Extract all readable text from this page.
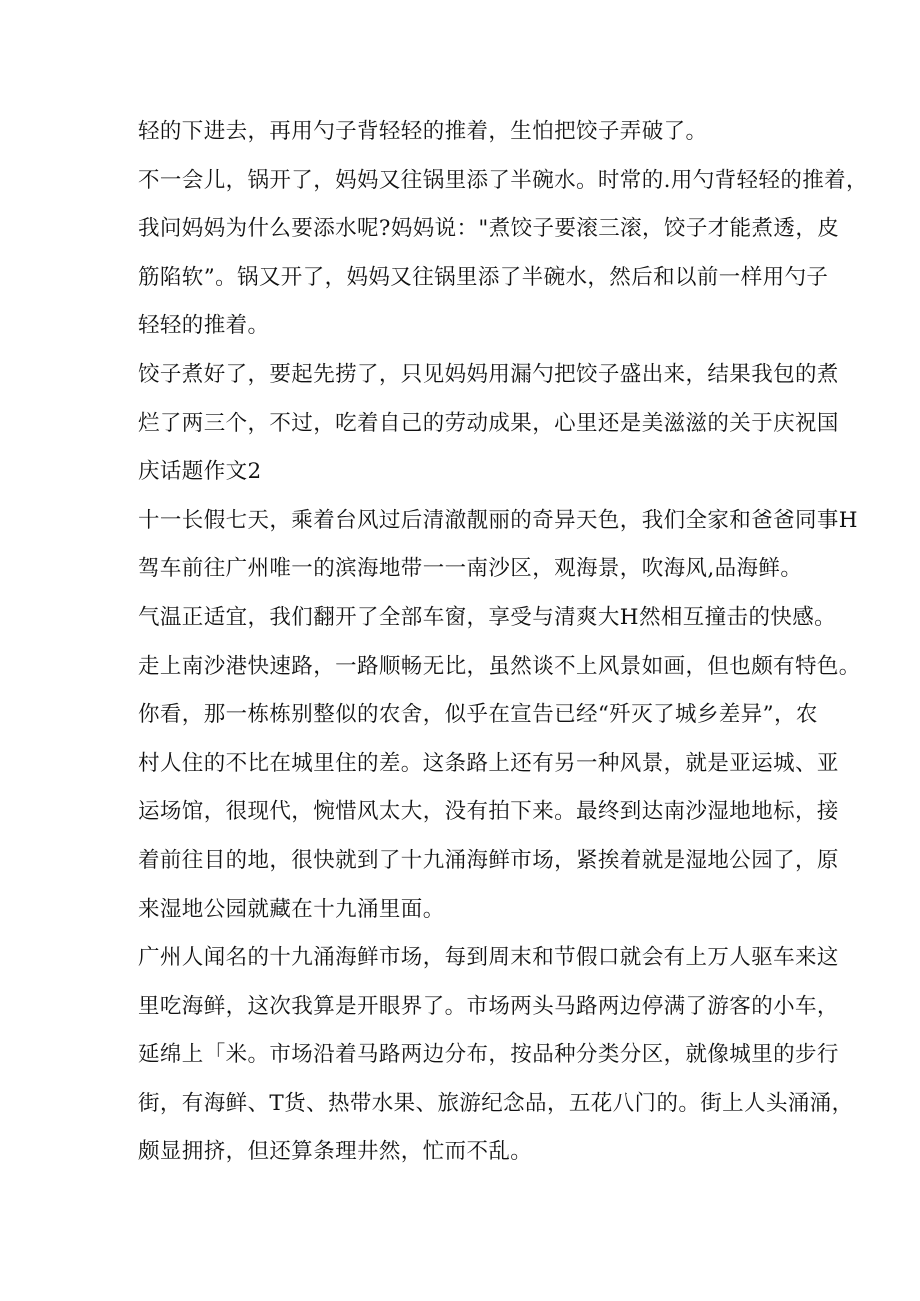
轻的下进去，再用勺子背轻轻的推着，生怕把饺子弄破了。
不一会儿，锅开了，妈妈又往锅里添了半碗水。时常的.用勺背轻轻的推着，
我问妈妈为什么要添水呢?妈妈说："煮饺子要滚三滚，饺子才能煮透，皮
筋陷软”。锅又开了，妈妈又往锅里添了半碗水，然后和以前一样用勺子
轻轻的推着。
饺子煮好了，要起先捞了，只见妈妈用漏勺把饺子盛出来，结果我包的煮
烂了两三个，不过，吃着自己的劳动成果，心里还是美滋滋的关于庆祝国
庆话题作文2
十一长假七天，乘着台风过后清澈靓丽的奇异天色，我们全家和爸爸同事H
驾车前往广州唯一的滨海地带一一南沙区，观海景，吹海风,品海鲜。
气温正适宜，我们翻开了全部车窗，享受与清爽大H然相互撞击的快感。
走上南沙港快速路，一路顺畅无比，虽然谈不上风景如画，但也颇有特色。
你看，那一栋栋别整似的农舍，似乎在宣告已经“歼灭了城乡差异”，农
村人住的不比在城里住的差。这条路上还有另一种风景，就是亚运城、亚
运场馆，很现代，惋惜风太大，没有拍下来。最终到达南沙湿地地标，接
着前往目的地，很快就到了十九涌海鲜市场，紧挨着就是湿地公园了，原
来湿地公园就藏在十九涌里面。
广州人闻名的十九涌海鲜市场，每到周末和节假口就会有上万人驱车来这
里吃海鲜，这次我算是开眼界了。市场两头马路两边停满了游客的小车，
延绵上「米。市场沿着马路两边分布，按品种分类分区，就像城里的步行
街，有海鲜、T货、热带水果、旅游纪念品，五花八门的。街上人头涌涌，
颇显拥挤，但还算条理井然，忙而不乱。
